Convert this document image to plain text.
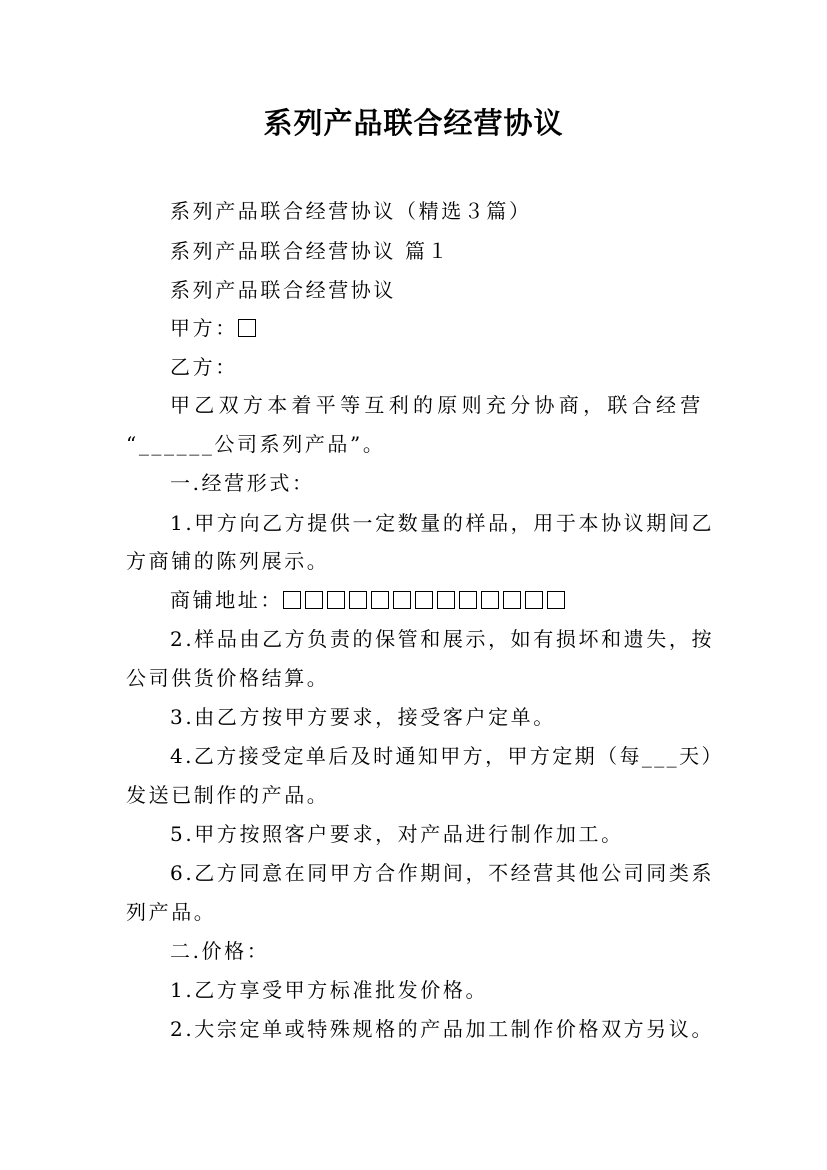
系列产品联合经营协议
系列产品联合经营协议（精选３篇）
系列产品联合经营协议 篇１
系列产品联合经营协议
甲方：
乙方：
甲乙双方本着平等互利的原则充分协商，联合经营
“______公司系列产品”。
一.经营形式：
1.甲方向乙方提供一定数量的样品，用于本协议期间乙
方商铺的陈列展示。
商铺地址：
2.样品由乙方负责的保管和展示，如有损坏和遗失，按
公司供货价格结算。
3.由乙方按甲方要求，接受客户定单。
4.乙方接受定单后及时通知甲方，甲方定期（每___天）
发送已制作的产品。
5.甲方按照客户要求，对产品进行制作加工。
6.乙方同意在同甲方合作期间，不经营其他公司同类系
列产品。
二.价格：
1.乙方享受甲方标准批发价格。
2.大宗定单或特殊规格的产品加工制作价格双方另议。
